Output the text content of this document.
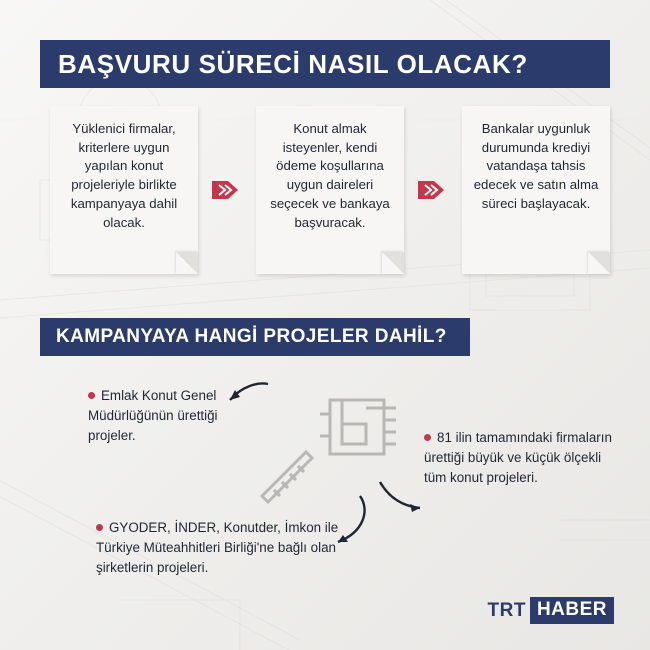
BAŞVURU SÜRECİ NASIL OLACAK?
Yüklenici firmalar, kriterlere uygun yapılan konut projeleriyle birlikte kampanyaya dahil olacak.
Konut almak isteyenler, kendi ödeme koşullarına uygun daireleri seçecek ve bankaya başvuracak.
Bankalar uygunluk durumunda krediyi vatandaşa tahsis edecek ve satın alma süreci başlayacak.
KAMPANYAYA HANGİ PROJELER DAHİL?
Emlak Konut Genel Müdürlüğünün ürettiği projeler.	81 ilin tamamındaki firmaların ürettiği büyük ve küçük ölçekli tüm konut projeleri.
GYODER, İNDER, Konutder, İmkon ile Türkiye Müteahhitleri Birliği'ne bağlı olan şirketlerin projeleri.
TRT HABER
